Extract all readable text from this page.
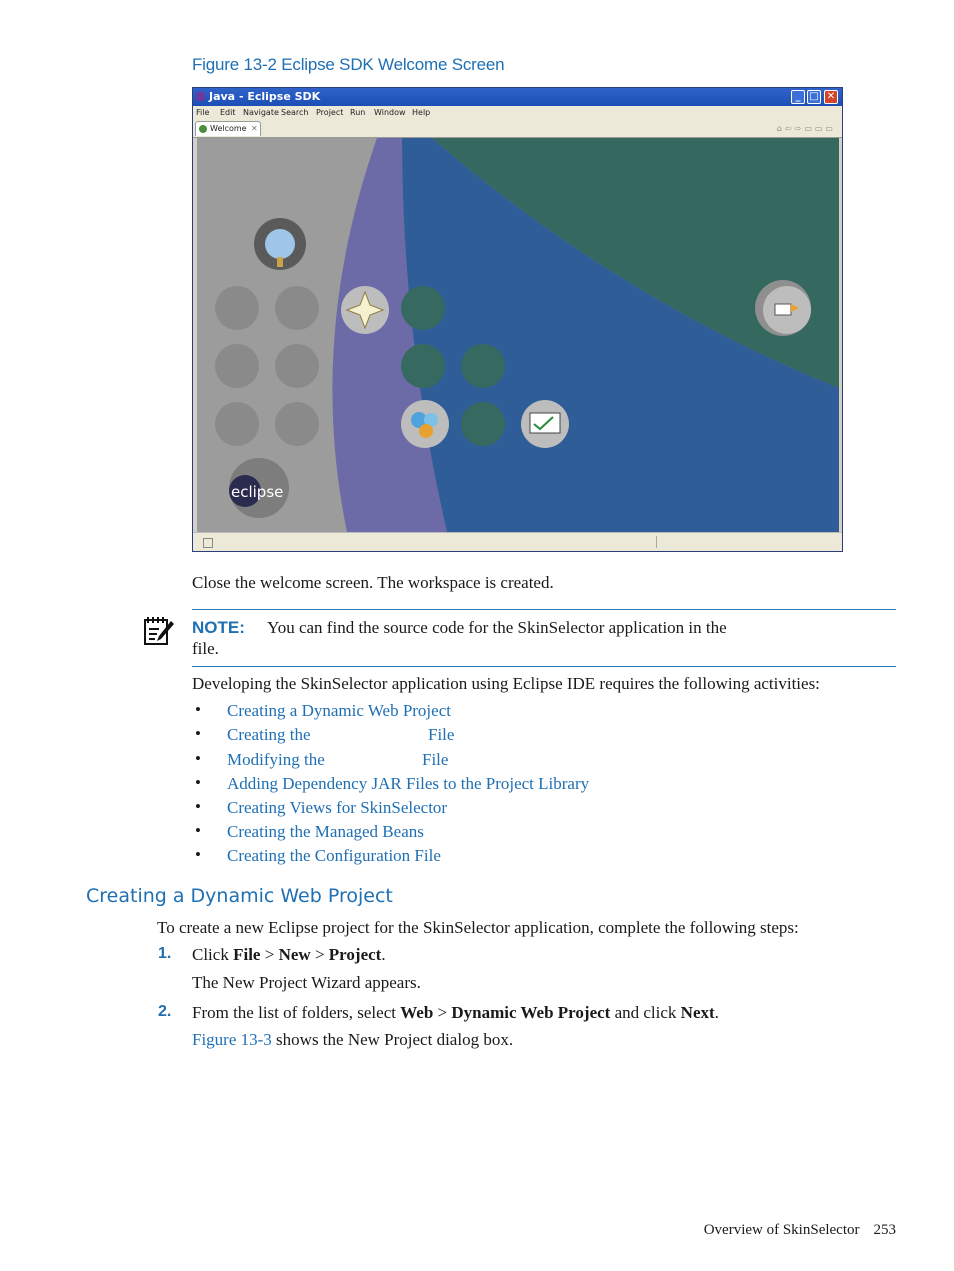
Figure 13-2 Eclipse SDK Welcome Screen
Java - Eclipse SDK	_ □ ✕
File Edit Navigate Search Project Run Window Help
Welcome ✕	⌂⇦⇨▭▭▭
eclipse
Close the welcome screen. The workspace is created.
NOTE: You can find the source code for the SkinSelector application in the
file.
Developing the SkinSelector application using Eclipse IDE requires the following activities:
• Creating a Dynamic Web Project
• Creating the	File
• Modifying the	File
• Adding Dependency JAR Files to the Project Library
• Creating Views for SkinSelector
• Creating the Managed Beans
• Creating the Configuration File
Creating a Dynamic Web Project
To create a new Eclipse project for the SkinSelector application, complete the following steps:
1. Click File > New > Project.
The New Project Wizard appears.
2. From the list of folders, select Web > Dynamic Web Project and click Next.
Figure 13-3 shows the New Project dialog box.
Overview of SkinSelector 253
